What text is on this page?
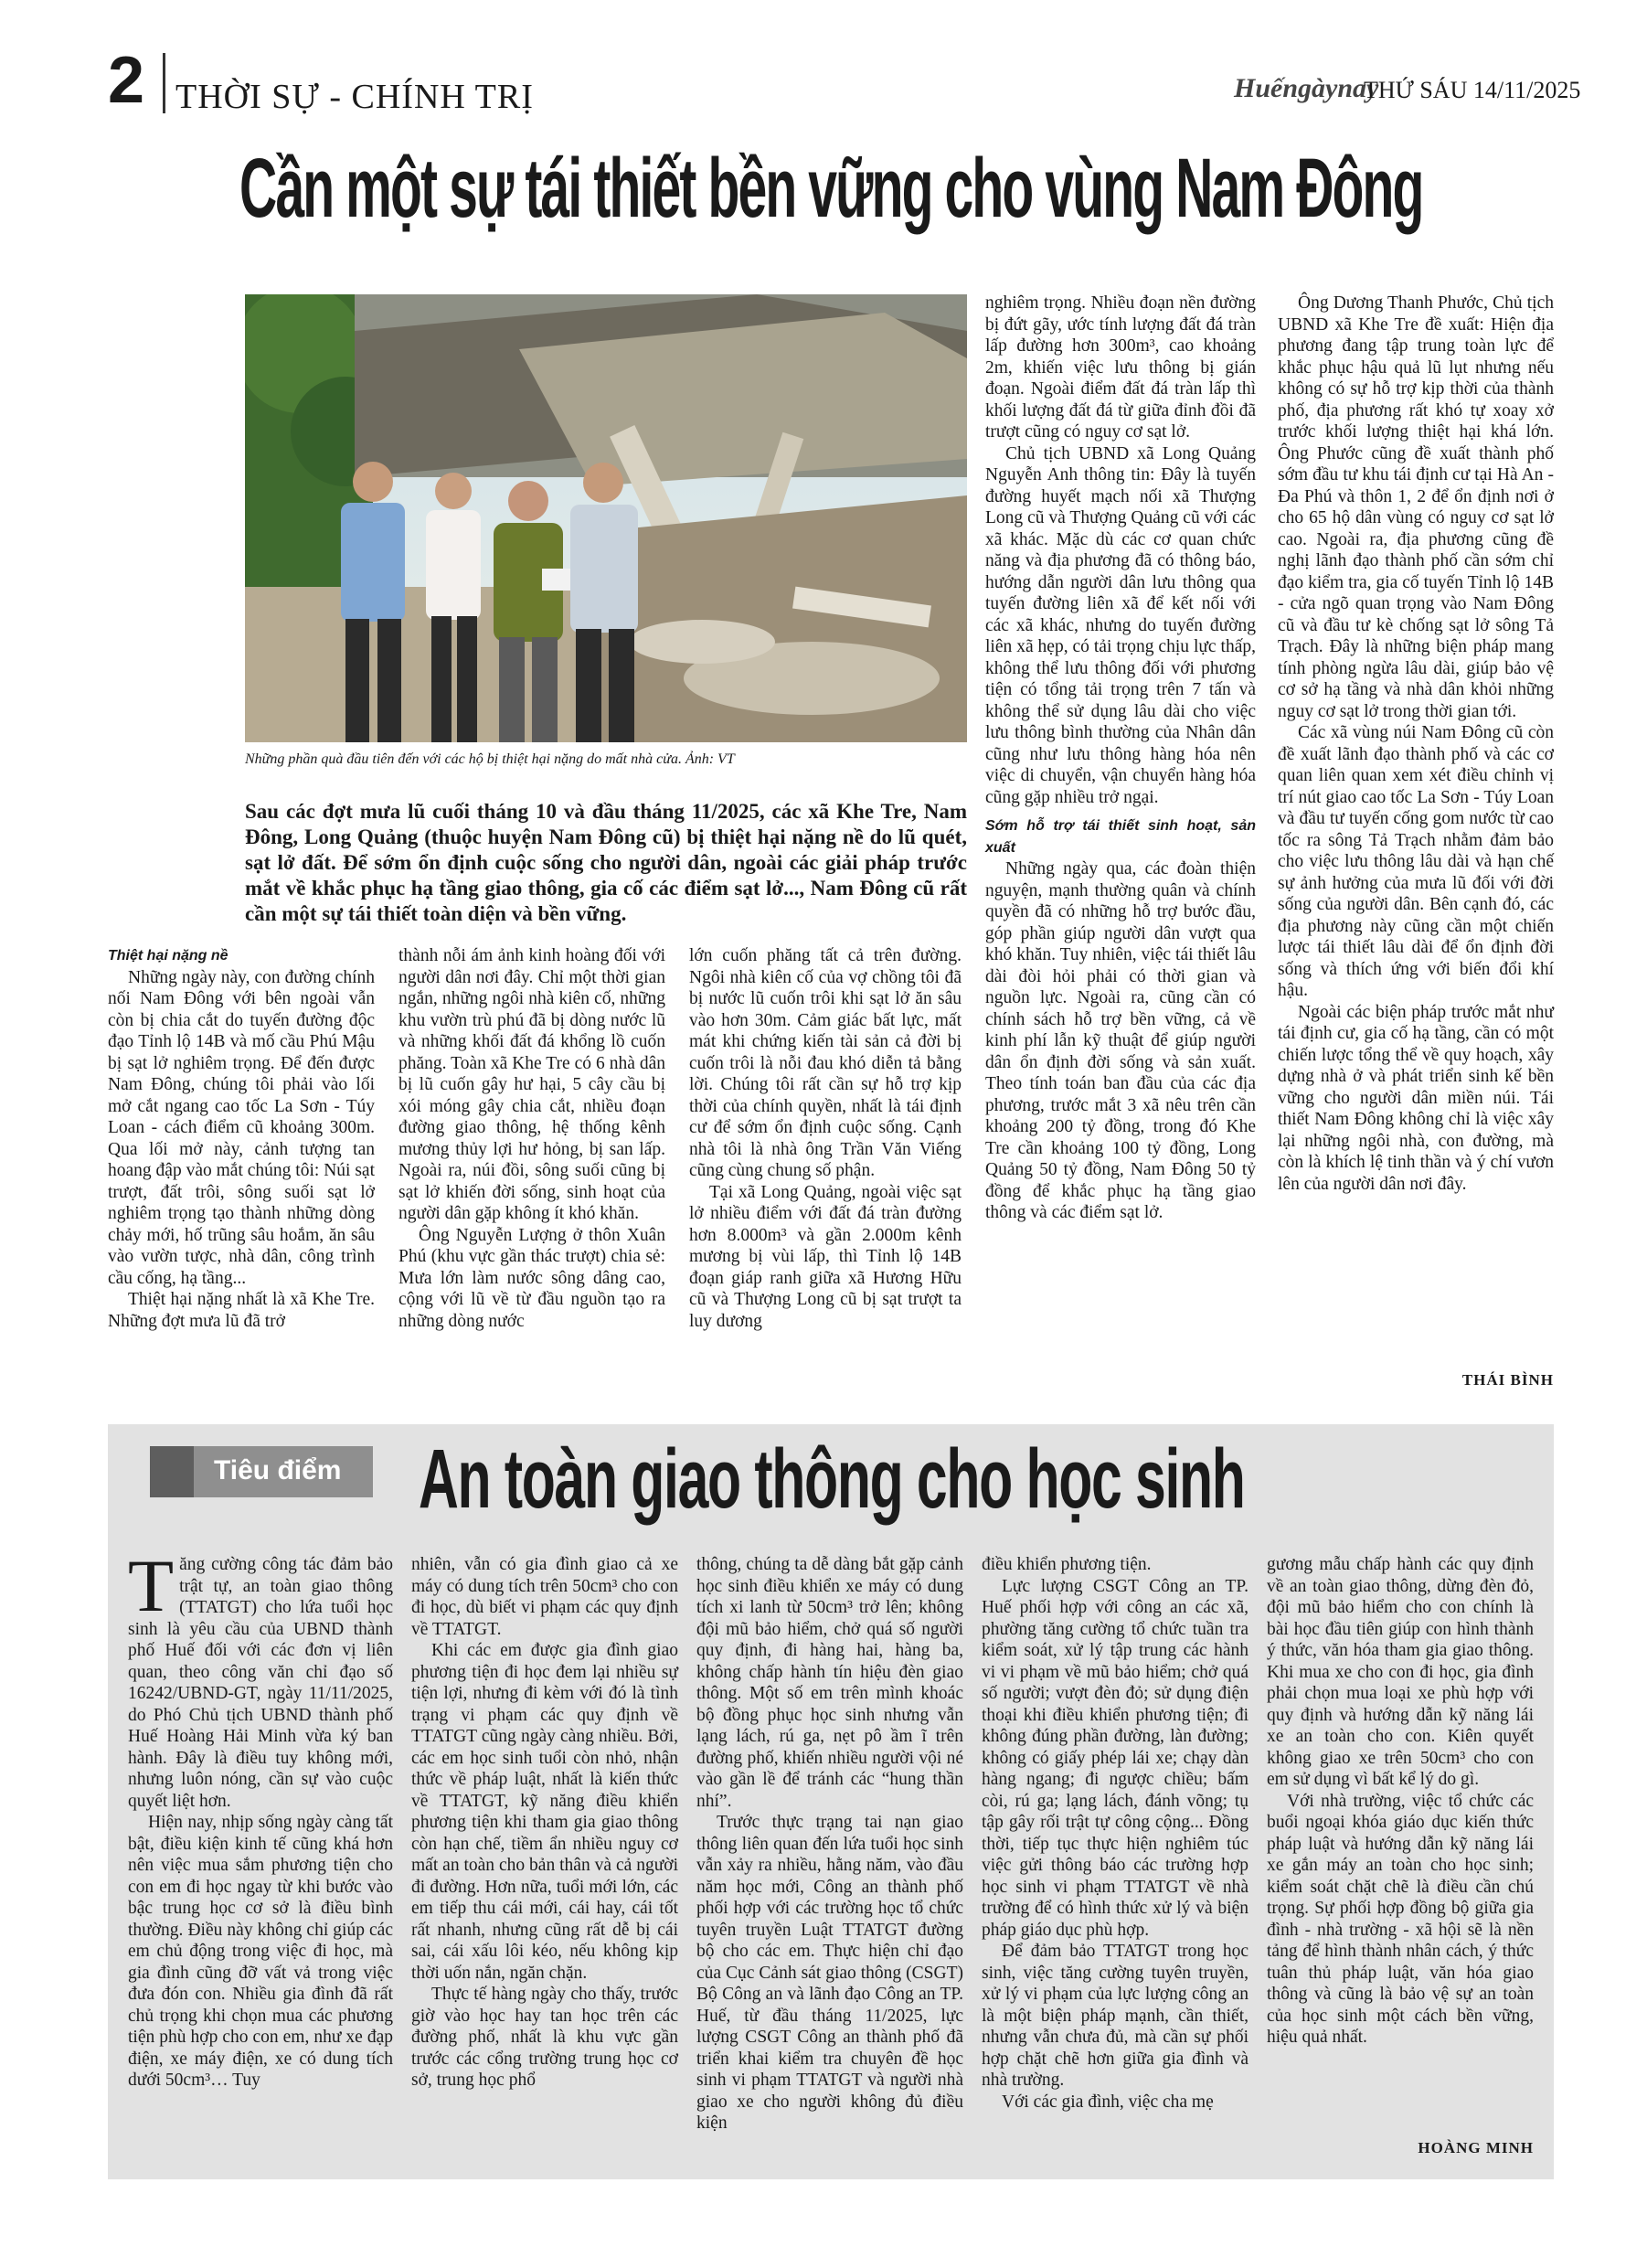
2 THỜI SỰ - CHÍNH TRỊ	Huếngàynay
THỨ SÁU 14/11/2025
Cần một sự tái thiết bền vững cho vùng Nam Đông
Những phần quà đầu tiên đến với các hộ bị thiệt hại nặng do mất nhà cửa. Ảnh: VT
Sau các đợt mưa lũ cuối tháng 10 và đầu tháng 11/2025, các xã Khe Tre, Nam Đông, Long Quảng (thuộc huyện Nam Đông cũ) bị thiệt hại nặng nề do lũ quét, sạt lở đất. Để sớm ổn định cuộc sống cho người dân, ngoài các giải pháp trước mắt về khắc phục hạ tầng giao thông, gia cố các điểm sạt lở..., Nam Đông cũ rất cần một sự tái thiết toàn diện và bền vững.

Thiệt hại nặng nề

Những ngày này, con đường chính nối Nam Đông với bên ngoài vẫn còn bị chia cắt do tuyến đường độc đạo Tỉnh lộ 14B và mố cầu Phú Mậu bị sạt lở nghiêm trọng. Để đến được Nam Đông, chúng tôi phải vào lối mở cắt ngang cao tốc La Sơn - Túy Loan - cách điểm cũ khoảng 300m. Qua lối mở này, cảnh tượng tan hoang đập vào mắt chúng tôi: Núi sạt trượt, đất trôi, sông suối sạt lở nghiêm trọng tạo thành những dòng chảy mới, hố trũng sâu hoắm, ăn sâu vào vườn tược, nhà dân, công trình cầu cống, hạ tầng...

Thiệt hại nặng nhất là xã Khe Tre. Những đợt mưa lũ đã trở

thành nỗi ám ảnh kinh hoàng đối với người dân nơi đây. Chỉ một thời gian ngắn, những ngôi nhà kiên cố, những khu vườn trù phú đã bị dòng nước lũ và những khối đất đá khổng lồ cuốn phăng. Toàn xã Khe Tre có 6 nhà dân bị lũ cuốn gây hư hại, 5 cây cầu bị xói móng gây chia cắt, nhiều đoạn đường giao thông, hệ thống kênh mương thủy lợi hư hỏng, bị san lấp. Ngoài ra, núi đồi, sông suối cũng bị sạt lở khiến đời sống, sinh hoạt của người dân gặp không ít khó khăn.

Ông Nguyễn Lượng ở thôn Xuân Phú (khu vực gần thác trượt) chia sẻ: Mưa lớn làm nước sông dâng cao, cộng với lũ về từ đầu nguồn tạo ra những dòng nước

lớn cuốn phăng tất cả trên đường. Ngôi nhà kiên cố của vợ chồng tôi đã bị nước lũ cuốn trôi khi sạt lở ăn sâu vào hơn 30m. Cảm giác bất lực, mất mát khi chứng kiến tài sản cả đời bị cuốn trôi là nỗi đau khó diễn tả bằng lời. Chúng tôi rất cần sự hỗ trợ kịp thời của chính quyền, nhất là tái định cư để sớm ổn định cuộc sống. Cạnh nhà tôi là nhà ông Trần Văn Viếng cũng cùng chung số phận.

Tại xã Long Quảng, ngoài việc sạt lở nhiều điểm với đất đá tràn đường hơn 8.000m³ và gần 2.000m kênh mương bị vùi lấp, thì Tỉnh lộ 14B đoạn giáp ranh giữa xã Hương Hữu cũ và Thượng Long cũ bị sạt trượt ta luy dương

nghiêm trọng. Nhiều đoạn nền đường bị đứt gãy, ước tính lượng đất đá tràn lấp đường hơn 300m³, cao khoảng 2m, khiến việc lưu thông bị gián đoạn. Ngoài điểm đất đá tràn lấp thì khối lượng đất đá từ giữa đỉnh đồi đã trượt cũng có nguy cơ sạt lở.

Chủ tịch UBND xã Long Quảng Nguyễn Anh thông tin: Đây là tuyến đường huyết mạch nối xã Thượng Long cũ và Thượng Quảng cũ với các xã khác. Mặc dù các cơ quan chức năng và địa phương đã có thông báo, hướng dẫn người dân lưu thông qua tuyến đường liên xã để kết nối với các xã khác, nhưng do tuyến đường liên xã hẹp, có tải trọng chịu lực thấp, không thể lưu thông đối với phương tiện có tổng tải trọng trên 7 tấn và không thể sử dụng lâu dài cho việc lưu thông bình thường của Nhân dân cũng như lưu thông hàng hóa nên việc di chuyển, vận chuyển hàng hóa cũng gặp nhiều trở ngại.

Sớm hỗ trợ tái thiết sinh hoạt, sản xuất

Những ngày qua, các đoàn thiện nguyện, mạnh thường quân và chính quyền đã có những hỗ trợ bước đầu, góp phần giúp người dân vượt qua khó khăn. Tuy nhiên, việc tái thiết lâu dài đòi hỏi phải có thời gian và nguồn lực. Ngoài ra, cũng cần có chính sách hỗ trợ bền vững, cả về kinh phí lẫn kỹ thuật để giúp người dân ổn định đời sống và sản xuất. Theo tính toán ban đầu của các địa phương, trước mắt 3 xã nêu trên cần khoảng 200 tỷ đồng, trong đó Khe Tre cần khoảng 100 tỷ đồng, Long Quảng 50 tỷ đồng, Nam Đông 50 tỷ đồng để khắc phục hạ tầng giao thông và các điểm sạt lở.

Ông Dương Thanh Phước, Chủ tịch UBND xã Khe Tre đề xuất: Hiện địa phương đang tập trung toàn lực để khắc phục hậu quả lũ lụt nhưng nếu không có sự hỗ trợ kịp thời của thành phố, địa phương rất khó tự xoay xở trước khối lượng thiệt hại khá lớn. Ông Phước cũng đề xuất thành phố sớm đầu tư khu tái định cư tại Hà An - Đa Phú và thôn 1, 2 để ổn định nơi ở cho 65 hộ dân vùng có nguy cơ sạt lở cao. Ngoài ra, địa phương cũng đề nghị lãnh đạo thành phố cần sớm chỉ đạo kiểm tra, gia cố tuyến Tỉnh lộ 14B - cửa ngõ quan trọng vào Nam Đông cũ và đầu tư kè chống sạt lở sông Tả Trạch. Đây là những biện pháp mang tính phòng ngừa lâu dài, giúp bảo vệ cơ sở hạ tầng và nhà dân khỏi những nguy cơ sạt lở trong thời gian tới.

Các xã vùng núi Nam Đông cũ còn đề xuất lãnh đạo thành phố và các cơ quan liên quan xem xét điều chỉnh vị trí nút giao cao tốc La Sơn - Túy Loan và đầu tư tuyến cống gom nước từ cao tốc ra sông Tả Trạch nhằm đảm bảo cho việc lưu thông lâu dài và hạn chế sự ảnh hưởng của mưa lũ đối với đời sống của người dân. Bên cạnh đó, các địa phương này cũng cần một chiến lược tái thiết lâu dài để ổn định đời sống và thích ứng với biến đổi khí hậu.

Ngoài các biện pháp trước mắt như tái định cư, gia cố hạ tầng, cần có một chiến lược tổng thể về quy hoạch, xây dựng nhà ở và phát triển sinh kế bền vững cho người dân miền núi. Tái thiết Nam Đông không chỉ là việc xây lại những ngôi nhà, con đường, mà còn là khích lệ tinh thần và ý chí vươn lên của người dân nơi đây.

THÁI BÌNH
Tiêu điểm An toàn giao thông cho học sinh

Tăng cường công tác đảm bảo trật tự, an toàn giao thông (TTATGT) cho lứa tuổi học sinh là yêu cầu của UBND thành phố Huế đối với các đơn vị liên quan, theo công văn chỉ đạo số 16242/UBND-GT, ngày 11/11/2025, do Phó Chủ tịch UBND thành phố Huế Hoàng Hải Minh vừa ký ban hành. Đây là điều tuy không mới, nhưng luôn nóng, cần sự vào cuộc quyết liệt hơn.

Hiện nay, nhịp sống ngày càng tất bật, điều kiện kinh tế cũng khá hơn nên việc mua sắm phương tiện cho con em đi học ngay từ khi bước vào bậc trung học cơ sở là điều bình thường. Điều này không chỉ giúp các em chủ động trong việc đi học, mà gia đình cũng đỡ vất vả trong việc đưa đón con. Nhiều gia đình đã rất chủ trọng khi chọn mua các phương tiện phù hợp cho con em, như xe đạp điện, xe máy điện, xe có dung tích dưới 50cm³… Tuy

nhiên, vẫn có gia đình giao cả xe máy có dung tích trên 50cm³ cho con đi học, dù biết vi phạm các quy định về TTATGT.

Khi các em được gia đình giao phương tiện đi học đem lại nhiều sự tiện lợi, nhưng đi kèm với đó là tình trạng vi phạm các quy định về TTATGT cũng ngày càng nhiều. Bởi, các em học sinh tuổi còn nhỏ, nhận thức về pháp luật, nhất là kiến thức về TTATGT, kỹ năng điều khiển phương tiện khi tham gia giao thông còn hạn chế, tiềm ẩn nhiều nguy cơ mất an toàn cho bản thân và cả người đi đường. Hơn nữa, tuổi mới lớn, các em tiếp thu cái mới, cái hay, cái tốt rất nhanh, nhưng cũng rất dễ bị cái sai, cái xấu lôi kéo, nếu không kịp thời uốn nắn, ngăn chặn.

Thực tế hàng ngày cho thấy, trước giờ vào học hay tan học trên các đường phố, nhất là khu vực gần trước các cổng trường trung học cơ sở, trung học phổ

thông, chúng ta dễ dàng bắt gặp cảnh học sinh điều khiển xe máy có dung tích xi lanh từ 50cm³ trở lên; không đội mũ bảo hiểm, chở quá số người quy định, đi hàng hai, hàng ba, không chấp hành tín hiệu đèn giao thông. Một số em trên mình khoác bộ đồng phục học sinh nhưng vẫn lạng lách, rú ga, nẹt pô ầm ĩ trên đường phố, khiến nhiều người vội né vào gần lề để tránh các “hung thần nhí”.

Trước thực trạng tai nạn giao thông liên quan đến lứa tuổi học sinh vẫn xảy ra nhiều, hằng năm, vào đầu năm học mới, Công an thành phố phối hợp với các trường học tổ chức tuyên truyền Luật TTATGT đường bộ cho các em. Thực hiện chỉ đạo của Cục Cảnh sát giao thông (CSGT) Bộ Công an và lãnh đạo Công an TP. Huế, từ đầu tháng 11/2025, lực lượng CSGT Công an thành phố đã triển khai kiểm tra chuyên đề học sinh vi phạm TTATGT và người nhà giao xe cho người không đủ điều kiện

điều khiển phương tiện.

Lực lượng CSGT Công an TP. Huế phối hợp với công an các xã, phường tăng cường tổ chức tuần tra kiểm soát, xử lý tập trung các hành vi vi phạm về mũ bảo hiểm; chở quá số người; vượt đèn đỏ; sử dụng điện thoại khi điều khiển phương tiện; đi không đúng phần đường, làn đường; không có giấy phép lái xe; chạy dàn hàng ngang; đi ngược chiều; bấm còi, rú ga; lạng lách, đánh võng; tụ tập gây rối trật tự công cộng... Đồng thời, tiếp tục thực hiện nghiêm túc việc gửi thông báo các trường hợp học sinh vi phạm TTATGT về nhà trường để có hình thức xử lý và biện pháp giáo dục phù hợp.

Để đảm bảo TTATGT trong học sinh, việc tăng cường tuyên truyền, xử lý vi phạm của lực lượng công an là một biện pháp mạnh, cần thiết, nhưng vẫn chưa đủ, mà cần sự phối hợp chặt chẽ hơn giữa gia đình và nhà trường.

Với các gia đình, việc cha mẹ

gương mẫu chấp hành các quy định về an toàn giao thông, dừng đèn đỏ, đội mũ bảo hiểm cho con chính là bài học đầu tiên giúp con hình thành ý thức, văn hóa tham gia giao thông. Khi mua xe cho con đi học, gia đình phải chọn mua loại xe phù hợp với quy định và hướng dẫn kỹ năng lái xe an toàn cho con. Kiên quyết không giao xe trên 50cm³ cho con em sử dụng vì bất kể lý do gì.

Với nhà trường, việc tổ chức các buổi ngoại khóa giáo dục kiến thức pháp luật và hướng dẫn kỹ năng lái xe gắn máy an toàn cho học sinh; kiểm soát chặt chẽ là điều cần chú trọng. Sự phối hợp đồng bộ giữa gia đình - nhà trường - xã hội sẽ là nền tảng để hình thành nhân cách, ý thức tuân thủ pháp luật, văn hóa giao thông và cũng là bảo vệ sự an toàn của học sinh một cách bền vững, hiệu quả nhất.

HOÀNG MINH
